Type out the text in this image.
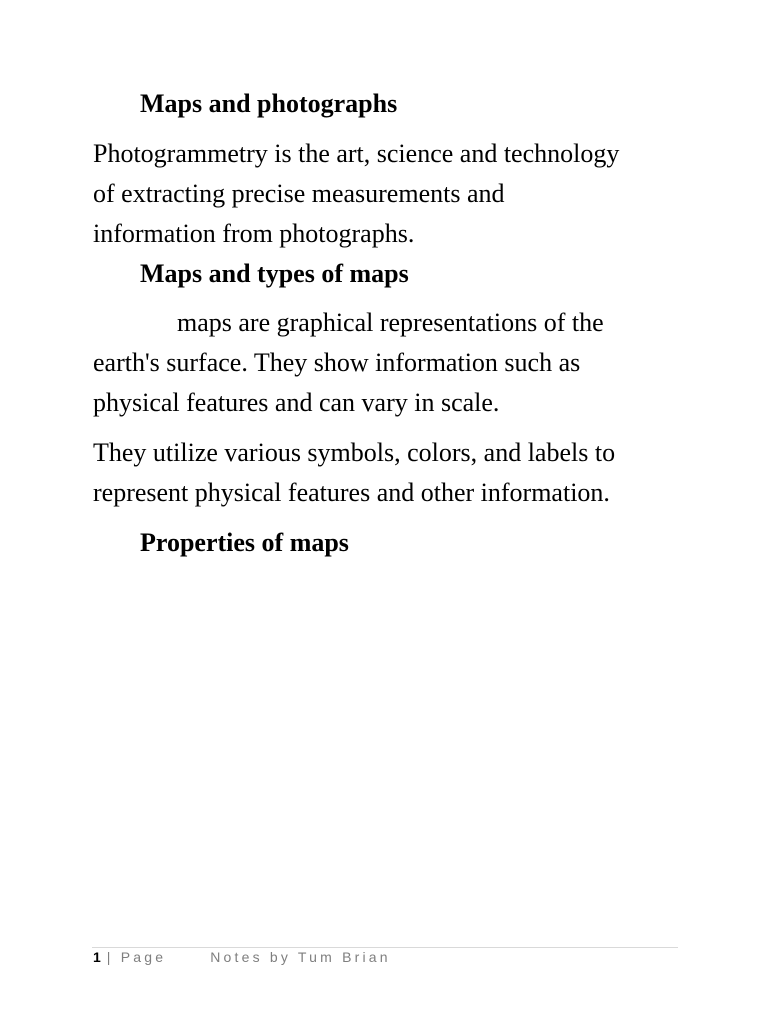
Maps and photographs
Photogrammetry is the art, science and technology
of extracting precise measurements and
information from photographs.
Maps and types of maps
maps are graphical representations of the
earth's surface. They show information such as
physical features and can vary in scale.
They utilize various symbols, colors, and labels to
represent physical features and other information.
Properties of maps
1 | Page	Notes by Tum Brian
